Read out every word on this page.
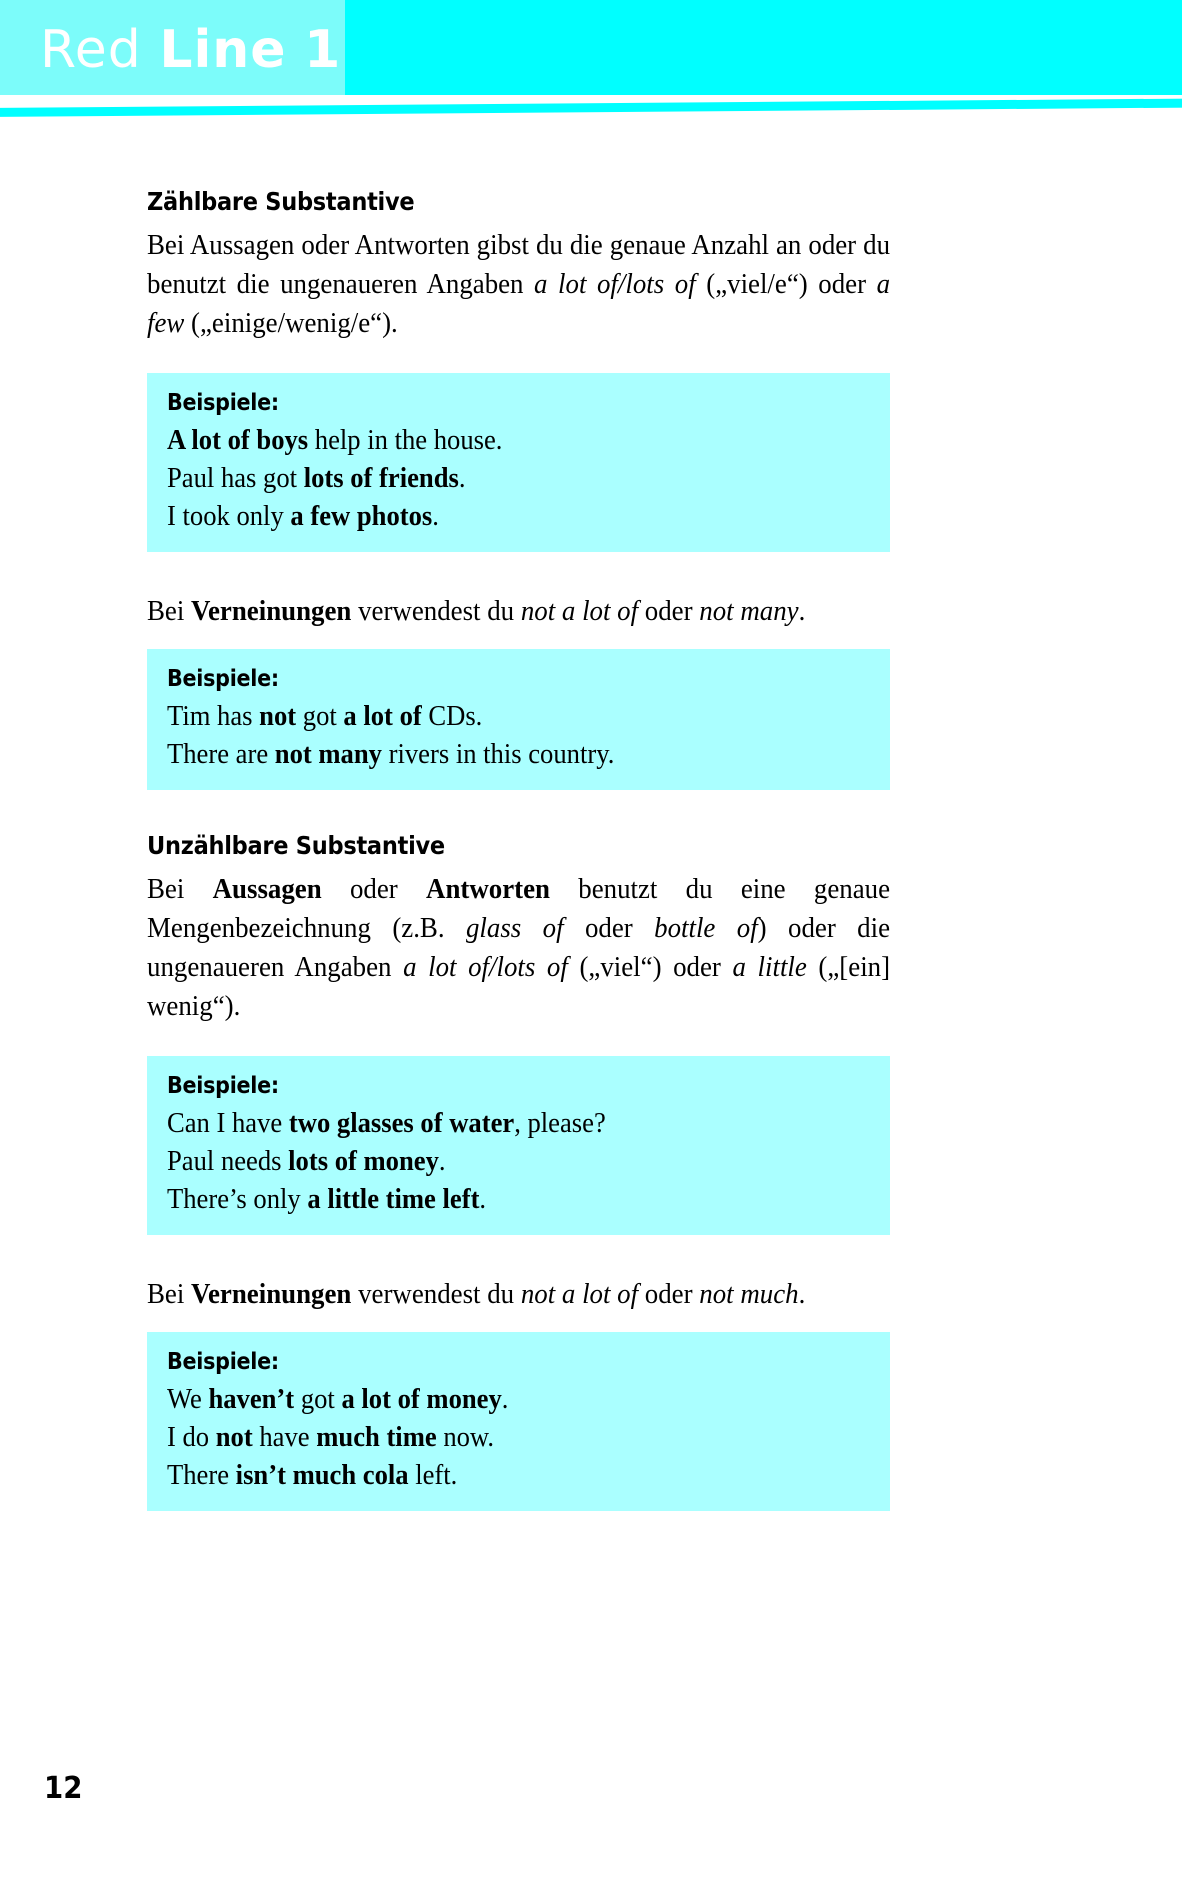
Red Line 1
Zählbare Substantive

Bei Aussagen oder Antworten gibst du die genaue Anzahl an oder du benutzt die ungenaueren Angaben a lot of/lots of („viel/e“) oder a few („einige/wenig/e“).

Beispiele:
A lot of boys help in the house.
Paul has got lots of friends.
I took only a few photos.

Bei Verneinungen verwendest du not a lot of oder not many.

Beispiele:
Tim has not got a lot of CDs.
There are not many rivers in this country.
Unzählbare Substantive

Bei Aussagen oder Antworten benutzt du eine genaue Mengenbezeichnung (z.B. glass of oder bottle of) oder die ungenaueren Angaben a lot of/lots of („viel“) oder a little („[ein] wenig“).

Beispiele:
Can I have two glasses of water, please?
Paul needs lots of money.
There’s only a little time left.

Bei Verneinungen verwendest du not a lot of oder not much.

Beispiele:
We haven’t got a lot of money.
I do not have much time now.
There isn’t much cola left.
12
